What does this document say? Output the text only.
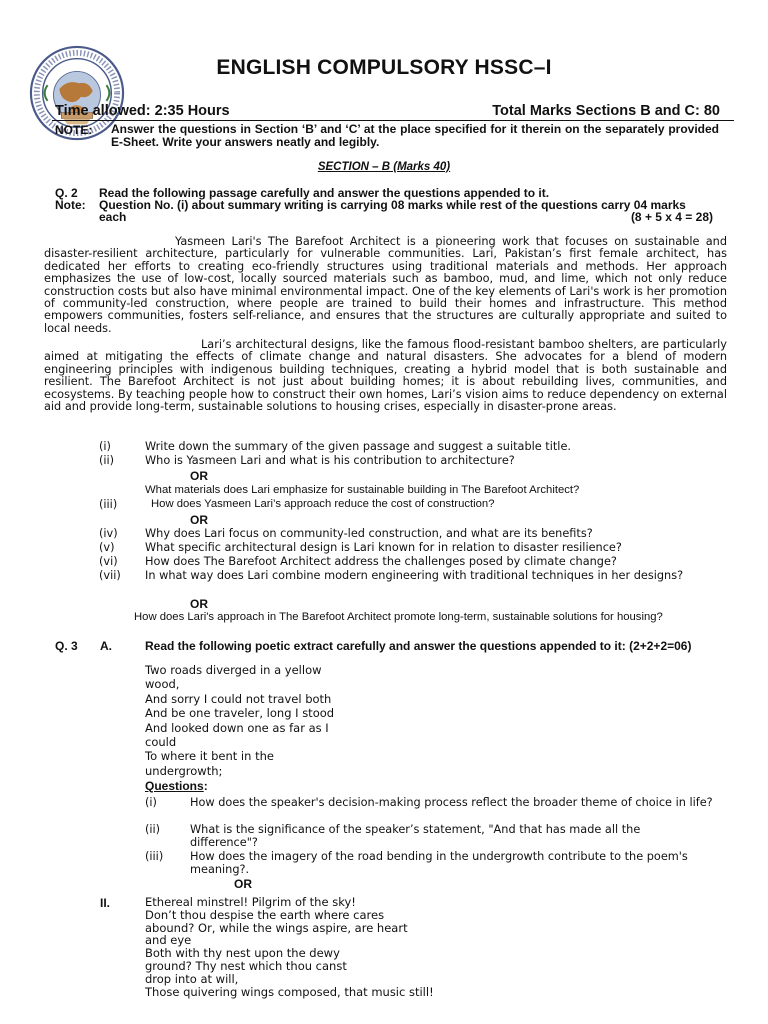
ENGLISH COMPULSORY HSSC–I
Time allowed: 2:35 Hours	Total Marks Sections B and C: 80
NOTE: Answer the questions in Section ‘B’ and ‘C’ at the place specified for it therein on the separately provided E-Sheet. Write your answers neatly and legibly.
SECTION – B (Marks 40)
Q. 2 Read the following passage carefully and answer the questions appended to it.
Note: Question No. (i) about summary writing is carrying 08 marks while rest of the questions carry 04 marks
each	(8 + 5 x 4 = 28)

Yasmeen Lari's The Barefoot Architect is a pioneering work that focuses on sustainable and disaster-resilient architecture, particularly for vulnerable communities. Lari, Pakistan’s first female architect, has dedicated her efforts to creating eco-friendly structures using traditional materials and methods. Her approach emphasizes the use of low-cost, locally sourced materials such as bamboo, mud, and lime, which not only reduce construction costs but also have minimal environmental impact. One of the key elements of Lari's work is her promotion of community-led construction, where people are trained to build their homes and infrastructure. This method empowers communities, fosters self-reliance, and ensures that the structures are culturally appropriate and suited to local needs.

Lari’s architectural designs, like the famous flood-resistant bamboo shelters, are particularly aimed at mitigating the effects of climate change and natural disasters. She advocates for a blend of modern engineering principles with indigenous building techniques, creating a hybrid model that is both sustainable and resilient. The Barefoot Architect is not just about building homes; it is about rebuilding lives, communities, and ecosystems. By teaching people how to construct their own homes, Lari’s vision aims to reduce dependency on external aid and provide long-term, sustainable solutions to housing crises, especially in disaster-prone areas.

(i)	Write down the summary of the given passage and suggest a suitable title.
(ii)	Who is Yasmeen Lari and what is his contribution to architecture?
OR
What materials does Lari emphasize for sustainable building in The Barefoot Architect?
(iii)	How does Yasmeen Lari’s approach reduce the cost of construction?
OR
(iv) Why does Lari focus on community-led construction, and what are its benefits?
(v)	What specific architectural design is Lari known for in relation to disaster resilience?
(vi) How does The Barefoot Architect address the challenges posed by climate change?
(vii) In what way does Lari combine modern engineering with traditional techniques in her designs?
OR
How does Lari's approach in The Barefoot Architect promote long-term, sustainable solutions for housing?
Q. 3 A.	Read the following poetic extract carefully and answer the questions appended to it: (2+2+2=06)
Two roads diverged in a yellow
wood,
And sorry I could not travel both
And be one traveler, long I stood
And looked down one as far as I
could
To where it bent in the
undergrowth;
Questions:
(i)	How does the speaker's decision-making process reflect the broader theme of choice in life?
(ii)	What is the significance of the speaker’s statement, "And that has made all the difference"?
(iii) How does the imagery of the road bending in the undergrowth contribute to the poem's meaning?.
OR
II.	Ethereal minstrel! Pilgrim of the sky!
Don’t thou despise the earth where cares
abound? Or, while the wings aspire, are heart
and eye
Both with thy nest upon the dewy
ground? Thy nest which thou canst
drop into at will,
Those quivering wings composed, that music still!
